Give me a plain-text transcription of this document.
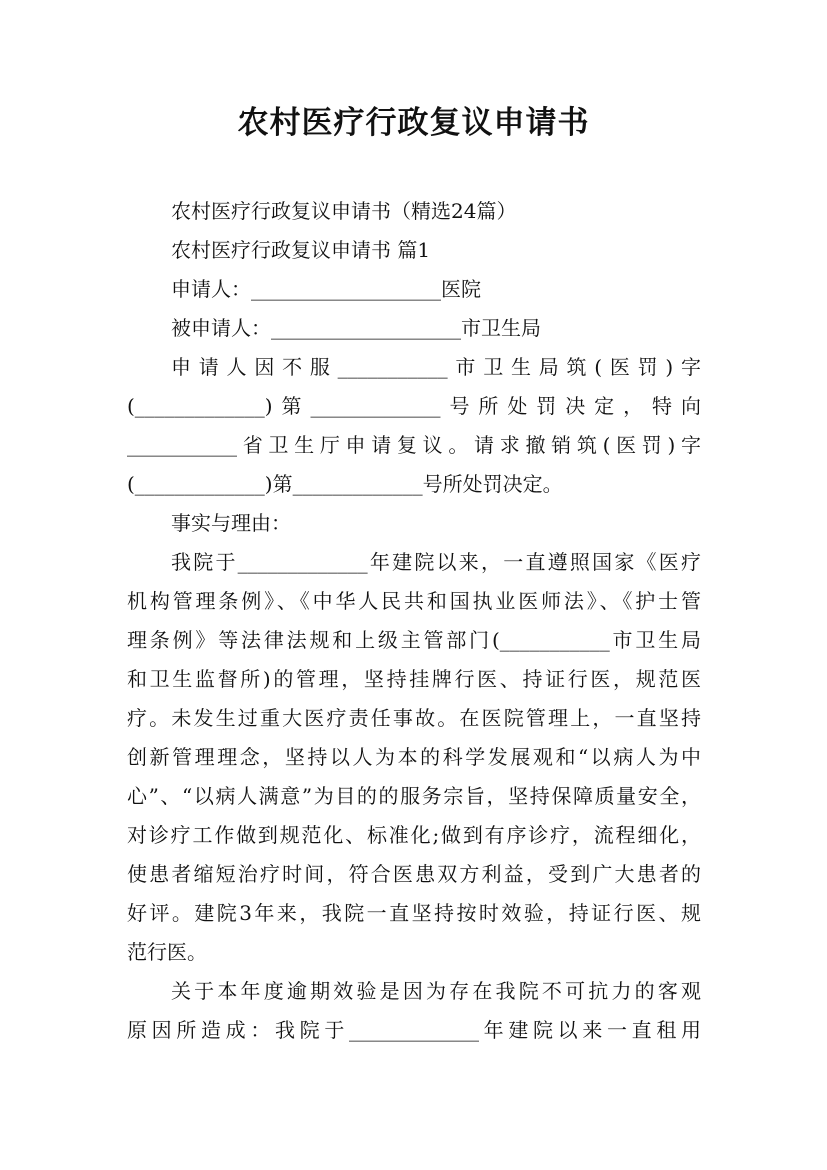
农村医疗行政复议申请书
农村医疗行政复议申请书（精选24篇）
农村医疗行政复议申请书 篇1
申请人：___________________医院
被申请人：___________________市卫生局
申请人因不服___________市卫生局筑(医罚)字
(_____________)第_____________号所处罚决定，特向
___________省卫生厅申请复议。请求撤销筑(医罚)字
(_____________)第_____________号所处罚决定。
事实与理由：
我院于_____________年建院以来，一直遵照国家《医疗
机构管理条例》、《中华人民共和国执业医师法》、《护士管
理条例》等法律法规和上级主管部门(___________市卫生局
和卫生监督所)的管理，坚持挂牌行医、持证行医，规范医
疗。未发生过重大医疗责任事故。在医院管理上，一直坚持
创新管理理念，坚持以人为本的科学发展观和“以病人为中
心”、“以病人满意”为目的的服务宗旨，坚持保障质量安全，
对诊疗工作做到规范化、标准化;做到有序诊疗，流程细化，
使患者缩短治疗时间，符合医患双方利益，受到广大患者的
好评。建院3年来，我院一直坚持按时效验，持证行医、规
范行医。
关于本年度逾期效验是因为存在我院不可抗力的客观
原因所造成：我院于_____________年建院以来一直租用
